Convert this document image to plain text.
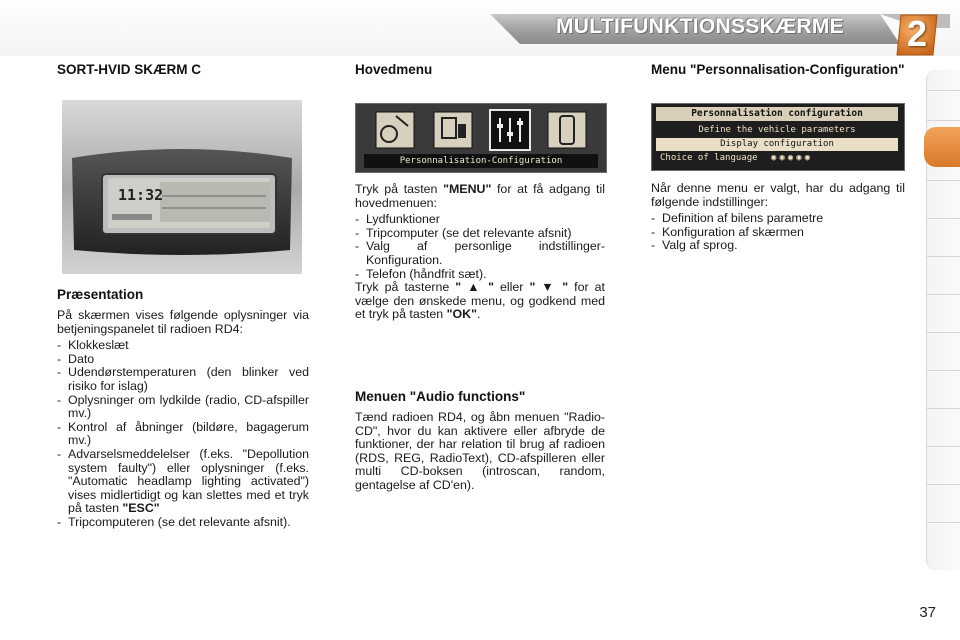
MULTIFUNKTIONSSKÆRME	2
SORT-HVID SKÆRM C
11:32
Præsentation

På skærmen vises følgende oplysninger via betjeningspanelet til radioen RD4:

- Klokkeslæt
- Dato
- Udendørstemperaturen (den blinker ved risiko for islag)
- Oplysninger om lydkilde (radio, CD-afspiller mv.)
- Kontrol af åbninger (bildøre, bagagerum mv.)
- Advarselsmeddelelser (f.eks. "Depollution system faulty") eller oplysninger (f.eks. "Automatic headlamp lighting activated") vises midlertidigt og kan slettes med et tryk på tasten "ESC"
- Tripcomputeren (se det relevante afsnit).
Hovedmenu
Personnalisation-Configuration

Tryk på tasten "MENU" for at få adgang til hovedmenuen:

- Lydfunktioner
- Tripcomputer (se det relevante afsnit)
- Valg af personlige indstillinger-Konfiguration.
- Telefon (håndfrit sæt).

Tryk på tasterne " ▲ " eller " ▼ " for at vælge den ønskede menu, og godkend med et tryk på tasten "OK".

Menuen "Audio functions"

Tænd radioen RD4, og åbn menuen "Radio-CD", hvor du kan aktivere eller afbryde de funktioner, der har relation til brug af radioen (RDS, REG, RadioText), CD-afspilleren eller multi CD-boksen (introscan, random, gentagelse af CD'en).

Menu "Personnalisation-Configuration"
Personnalisation configuration
Define the vehicle parameters
Display configuration
Choice of language ◉◉◉◉◉

Når denne menu er valgt, har du adgang til følgende indstillinger:

- Definition af bilens parametre
- Konfiguration af skærmen
- Valg af sprog.
37
